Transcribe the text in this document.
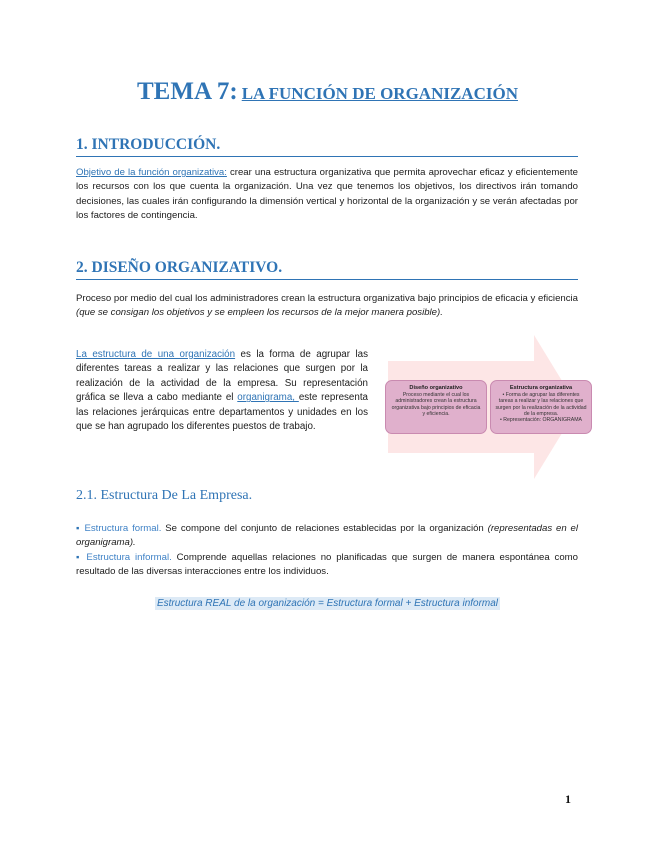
TEMA 7: LA FUNCIÓN DE ORGANIZACIÓN
1. INTRODUCCIÓN.
Objetivo de la función organizativa: crear una estructura organizativa que permita aprovechar eficaz y eficientemente los recursos con los que cuenta la organización. Una vez que tenemos los objetivos, los directivos irán tomando decisiones, las cuales irán configurando la dimensión vertical y horizontal de la organización y se verán afectadas por los factores de contingencia.
2. DISEÑO ORGANIZATIVO.
Proceso por medio del cual los administradores crean la estructura organizativa bajo principios de eficacia y eficiencia (que se consigan los objetivos y se empleen los recursos de la mejor manera posible).
La estructura de una organización es la forma de agrupar las diferentes tareas a realizar y las relaciones que surgen por la realización de la actividad de la empresa. Su representación gráfica se lleva a cabo mediante el organigrama, este representa las relaciones jerárquicas entre departamentos y unidades en los que se han agrupado los diferentes puestos de trabajo.
Diseño organizativo
Proceso mediante el cual los administradores crean la estructura organizativa bajo principios de eficacia y eficiencia.
Estructura organizativa
• Forma de agrupar las diferentes tareas a realizar y las relaciones que surgen por la realización de la actividad de la empresa.
• Representación: ORGANIGRAMA
2.1. Estructura De La Empresa.
▪ Estructura formal. Se compone del conjunto de relaciones establecidas por la organización (representadas en el organigrama).
▪ Estructura informal. Comprende aquellas relaciones no planificadas que surgen de manera espontánea como resultado de las diversas interacciones entre los individuos.
Estructura REAL de la organización = Estructura formal + Estructura informal
1
